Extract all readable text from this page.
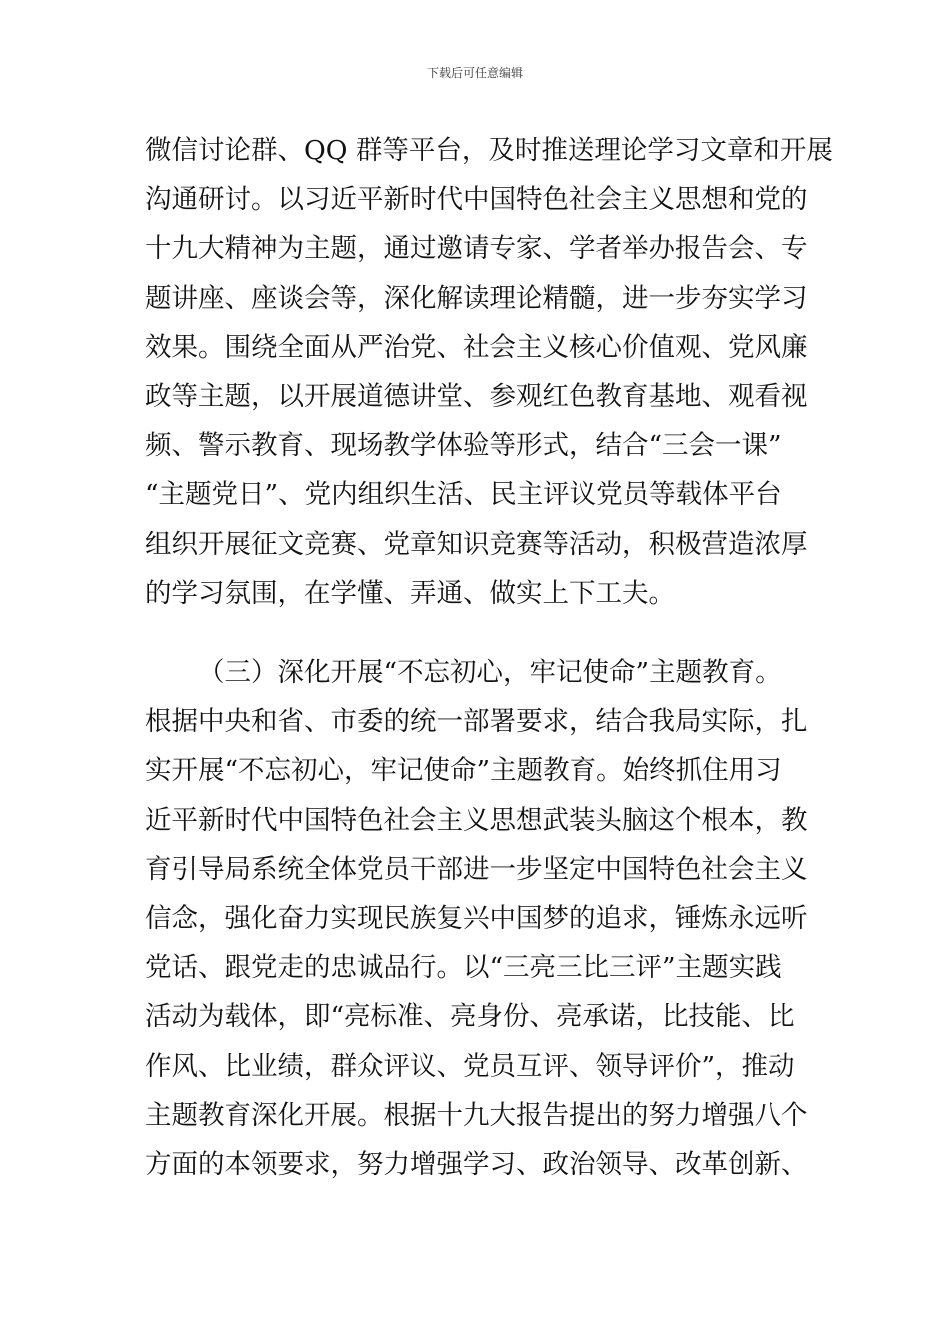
下载后可任意编辑
微信讨论群、QQ 群等平台，及时推送理论学习文章和开展
沟通研讨。以习近平新时代中国特色社会主义思想和党的
十九大精神为主题，通过邀请专家、学者举办报告会、专
题讲座、座谈会等，深化解读理论精髓，进一步夯实学习
效果。围绕全面从严治党、社会主义核心价值观、党风廉
政等主题，以开展道德讲堂、参观红色教育基地、观看视
频、警示教育、现场教学体验等形式，结合“三会一课”
“主题党日”、党内组织生活、民主评议党员等载体平台
组织开展征文竞赛、党章知识竞赛等活动，积极营造浓厚
的学习氛围，在学懂、弄通、做实上下工夫。
（三）深化开展“不忘初心，牢记使命”主题教育。
根据中央和省、市委的统一部署要求，结合我局实际，扎
实开展“不忘初心，牢记使命”主题教育。始终抓住用习
近平新时代中国特色社会主义思想武装头脑这个根本，教
育引导局系统全体党员干部进一步坚定中国特色社会主义
信念，强化奋力实现民族复兴中国梦的追求，锤炼永远听
党话、跟党走的忠诚品行。以“三亮三比三评”主题实践
活动为载体，即“亮标准、亮身份、亮承诺，比技能、比
作风、比业绩，群众评议、党员互评、领导评价”，推动
主题教育深化开展。根据十九大报告提出的努力增强八个
方面的本领要求，努力增强学习、政治领导、改革创新、
